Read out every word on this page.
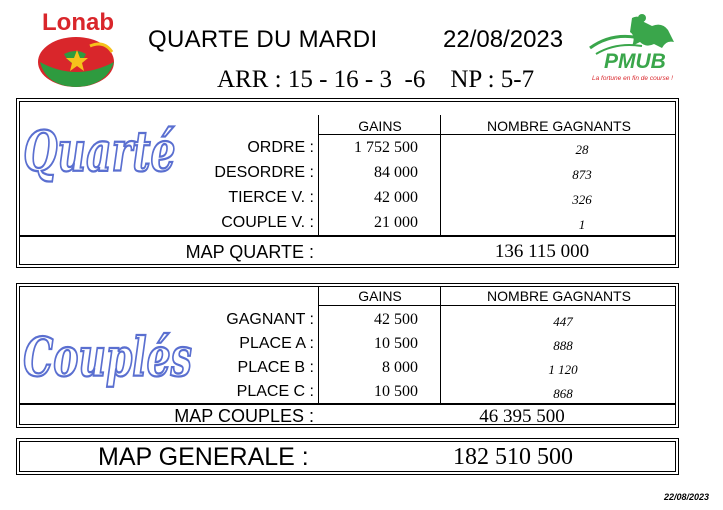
Lonab
QUARTE DU MARDI	22/08/2023
ARR : 15 - 16 - 3  -6    NP : 5-7
PMUB
La fortune en fin de course !
Quarté	GAINS	NOMBRE GAGNANTS
ORDRE :	1 752 500	28
DESORDRE :	84 000	873
TIERCE V. :	42 000	326
COUPLE V. :	21 000	1
MAP QUARTE :	136 115 000
Couplés
GAINS	NOMBRE GAGNANTS
GAGNANT :	42 500	447
PLACE A :	10 500	888
PLACE B :	8 000	1 120
PLACE C :	10 500	868
MAP COUPLES :	46 395 500
MAP GENERALE :	182 510 500
22/08/2023
